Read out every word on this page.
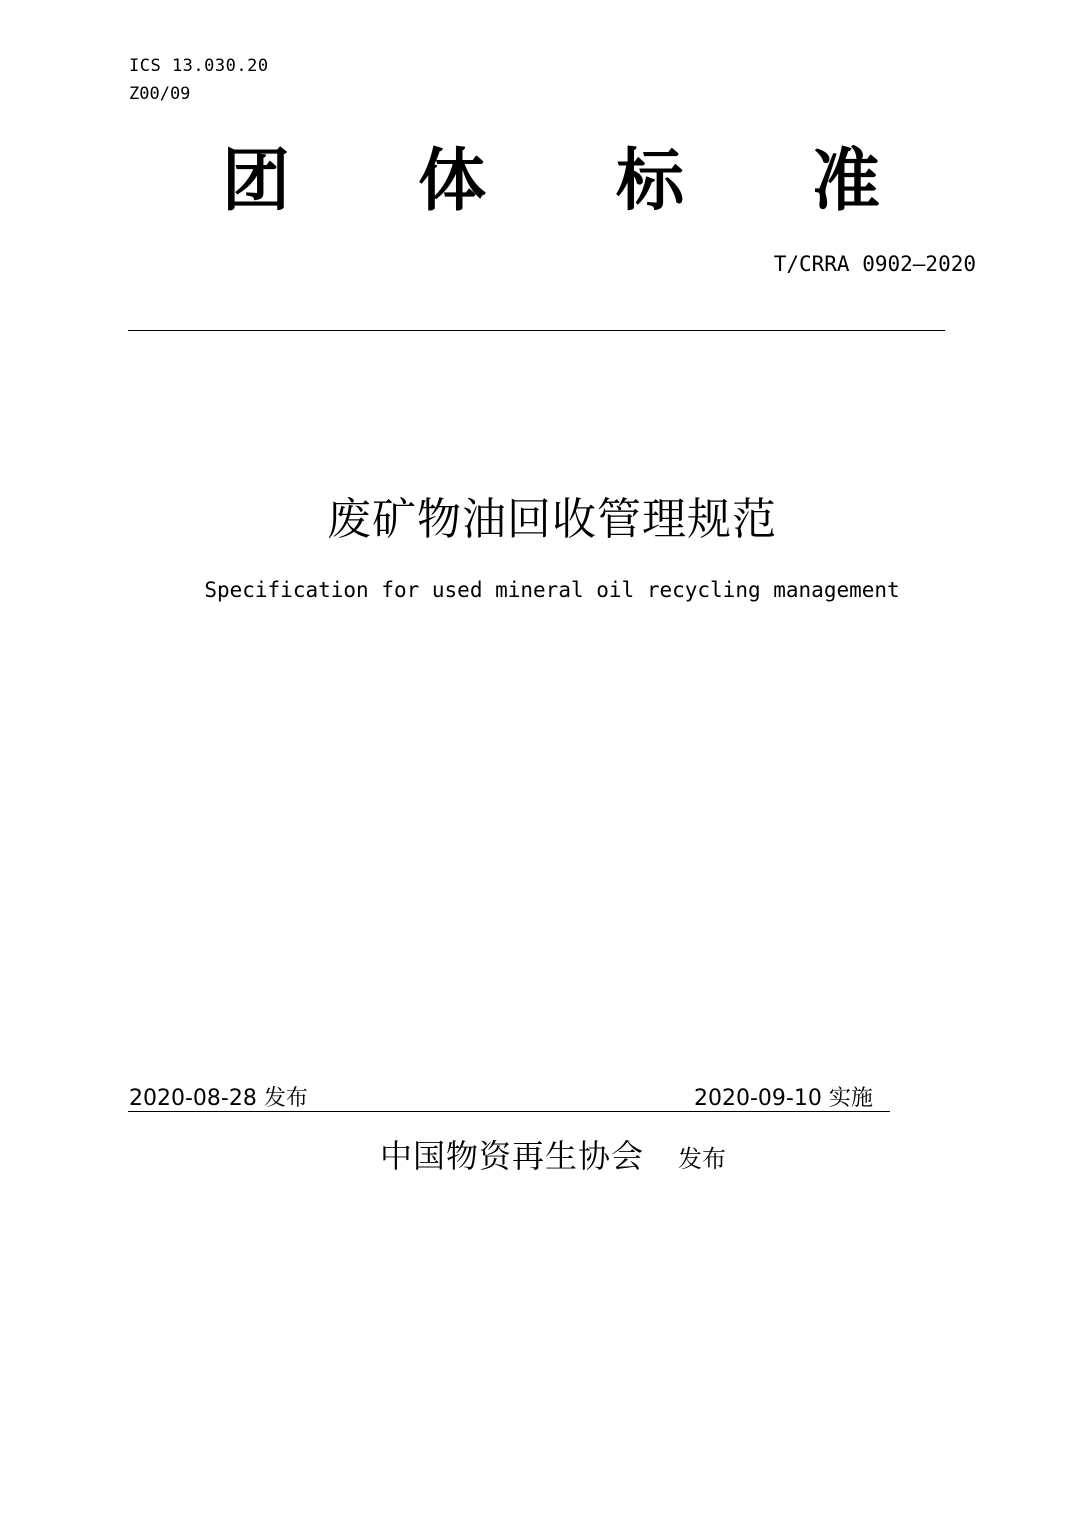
ICS 13.030.20
Z00/09
团 体 标 准
T/CRRA 0902—2020
废矿物油回收管理规范
Specification for used mineral oil recycling management
2020-08-28 发布	2020-09-10 实施
中国物资再生协会 发布
